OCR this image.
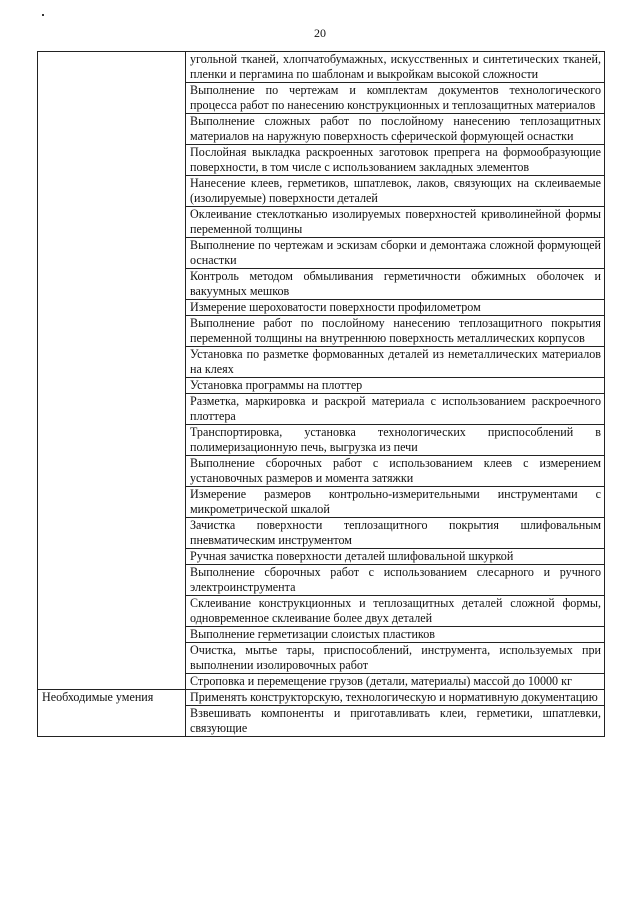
20
	угольной тканей, хлопчатобумажных, искусственных и синтетических тканей, пленки и пергамина по шаблонам и выкройкам высокой сложности
	Выполнение по чертежам и комплектам документов технологического процесса работ по нанесению конструкционных и теплозащитных материалов
	Выполнение сложных работ по послойному нанесению теплозащитных материалов на наружную поверхность сферической формующей оснастки
	Послойная выкладка раскроенных заготовок препрега на формообразующие поверхности, в том числе с использованием закладных элементов
	Нанесение клеев, герметиков, шпатлевок, лаков, связующих на склеиваемые (изолируемые) поверхности деталей
	Оклеивание стеклотканью изолируемых поверхностей криволинейной формы переменной толщины
	Выполнение по чертежам и эскизам сборки и демонтажа сложной формующей оснастки
	Контроль методом обмыливания герметичности обжимных оболочек и вакуумных мешков
	Измерение шероховатости поверхности профилометром
	Выполнение работ по послойному нанесению теплозащитного покрытия переменной толщины на внутреннюю поверхность металлических корпусов
	Установка по разметке формованных деталей из неметаллических материалов на клеях
	Установка программы на плоттер
	Разметка, маркировка и раскрой материала с использованием раскроечного плоттера
	Транспортировка, установка технологических приспособлений в полимеризационную печь, выгрузка из печи
	Выполнение сборочных работ с использованием клеев с измерением установочных размеров и момента затяжки
	Измерение размеров контрольно-измерительными инструментами с микрометрической шкалой
	Зачистка поверхности теплозащитного покрытия шлифовальным пневматическим инструментом
	Ручная зачистка поверхности деталей шлифовальной шкуркой
	Выполнение сборочных работ с использованием слесарного и ручного электроинструмента
	Склеивание конструкционных и теплозащитных деталей сложной формы, одновременное склеивание более двух деталей
	Выполнение герметизации слоистых пластиков
	Очистка, мытье тары, приспособлений, инструмента, используемых при выполнении изолировочных работ
	Строповка и перемещение грузов (детали, материалы) массой до 10000 кг
Необходимые умения	Применять конструкторскую, технологическую и нормативную документацию
	Взвешивать компоненты и приготавливать клеи, герметики, шпатлевки, связующие
